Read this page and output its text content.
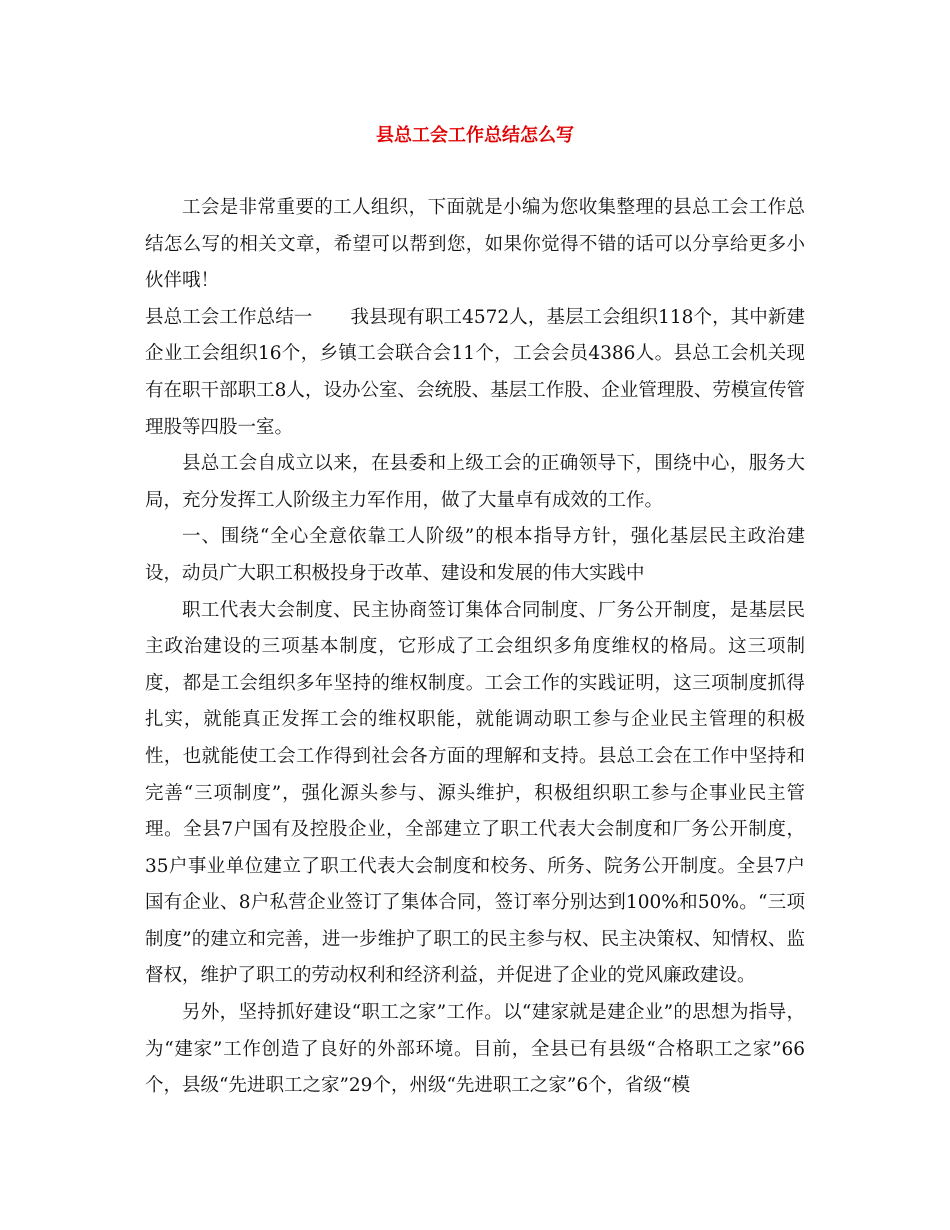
县总工会工作总结怎么写

工会是非常重要的工人组织，下面就是小编为您收集整理的县总工会工作总结怎么写的相关文章，希望可以帮到您，如果你觉得不错的话可以分享给更多小伙伴哦！

县总工会工作总结一 我县现有职工4572人，基层工会组织118个，其中新建企业工会组织16个，乡镇工会联合会11个，工会会员4386人。县总工会机关现有在职干部职工8人，设办公室、会统股、基层工作股、企业管理股、劳模宣传管理股等四股一室。

县总工会自成立以来，在县委和上级工会的正确领导下，围绕中心，服务大局，充分发挥工人阶级主力军作用，做了大量卓有成效的工作。

一、围绕“全心全意依靠工人阶级”的根本指导方针，强化基层民主政治建设，动员广大职工积极投身于改革、建设和发展的伟大实践中

职工代表大会制度、民主协商签订集体合同制度、厂务公开制度，是基层民主政治建设的三项基本制度，它形成了工会组织多角度维权的格局。这三项制度，都是工会组织多年坚持的维权制度。工会工作的实践证明，这三项制度抓得扎实，就能真正发挥工会的维权职能，就能调动职工参与企业民主管理的积极性，也就能使工会工作得到社会各方面的理解和支持。县总工会在工作中坚持和完善“三项制度”，强化源头参与、源头维护，积极组织职工参与企事业民主管理。全县7户国有及控股企业，全部建立了职工代表大会制度和厂务公开制度，35户事业单位建立了职工代表大会制度和校务、所务、院务公开制度。全县7户国有企业、8户私营企业签订了集体合同，签订率分别达到100%和50%。“三项制度”的建立和完善，进一步维护了职工的民主参与权、民主决策权、知情权、监督权，维护了职工的劳动权利和经济利益，并促进了企业的党风廉政建设。

另外，坚持抓好建设“职工之家”工作。以“建家就是建企业”的思想为指导，为“建家”工作创造了良好的外部环境。目前，全县已有县级“合格职工之家”66个，县级“先进职工之家”29个，州级“先进职工之家”6个，省级“模
